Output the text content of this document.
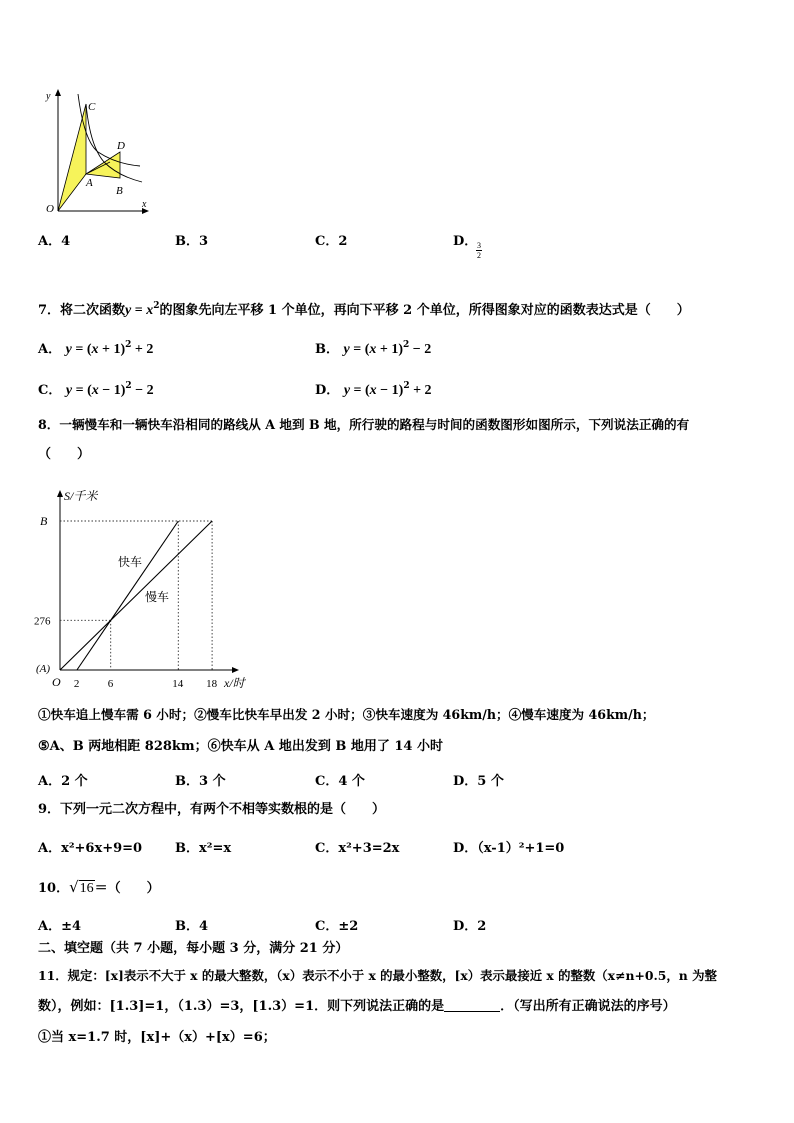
y
C
D
A
B
O	x
A．4	B．3	C．2	D．
$\frac{3}{2}$
7．将二次函数$y = x^2$的图象先向左平移 1 个单位，再向下平移 2 个单位，所得图象对应的函数表达式是（　　）
A． $y = (x + 1)^2 + 2$	B． $y = (x + 1)^2 - 2$
C． $y = (x - 1)^2 - 2$	D． $y = (x - 1)^2 + 2$
8．一辆慢车和一辆快车沿相同的路线从 A 地到 B 地，所行驶的路程与时间的函数图形如图所示，下列说法正确的有
（　　）
快车
慢车
S/千米
x/时
276
B
(A)
O 2	6	14 18
①快车追上慢车需 6 小时；②慢车比快车早出发 2 小时；③快车速度为 46km/h；④慢车速度为 46km/h；
⑤A、B 两地相距 828km；⑥快车从 A 地出发到 B 地用了 14 小时
A．2 个	B．3 个	C．4 个	D．5 个
9．下列一元二次方程中，有两个不相等实数根的是（　　）
A．x²+6x+9=0	B．x²=x	C．x²+3=2x	D．（x-1）²+1=0
10．√16＝（　　）
A．±4	B．4	C．±2	D．2
二、填空题（共 7 小题，每小题 3 分，满分 21 分）
11．规定：[x]表示不大于 x 的最大整数，（x）表示不小于 x 的最小整数，[x）表示最接近 x 的整数（x≠n+0.5，n 为整
数），例如：[1.3]=1，（1.3）=3，[1.3）=1．则下列说法正确的是	．（写出所有正确说法的序号）
①当 x=1.7 时，[x]+（x）+[x）=6；
